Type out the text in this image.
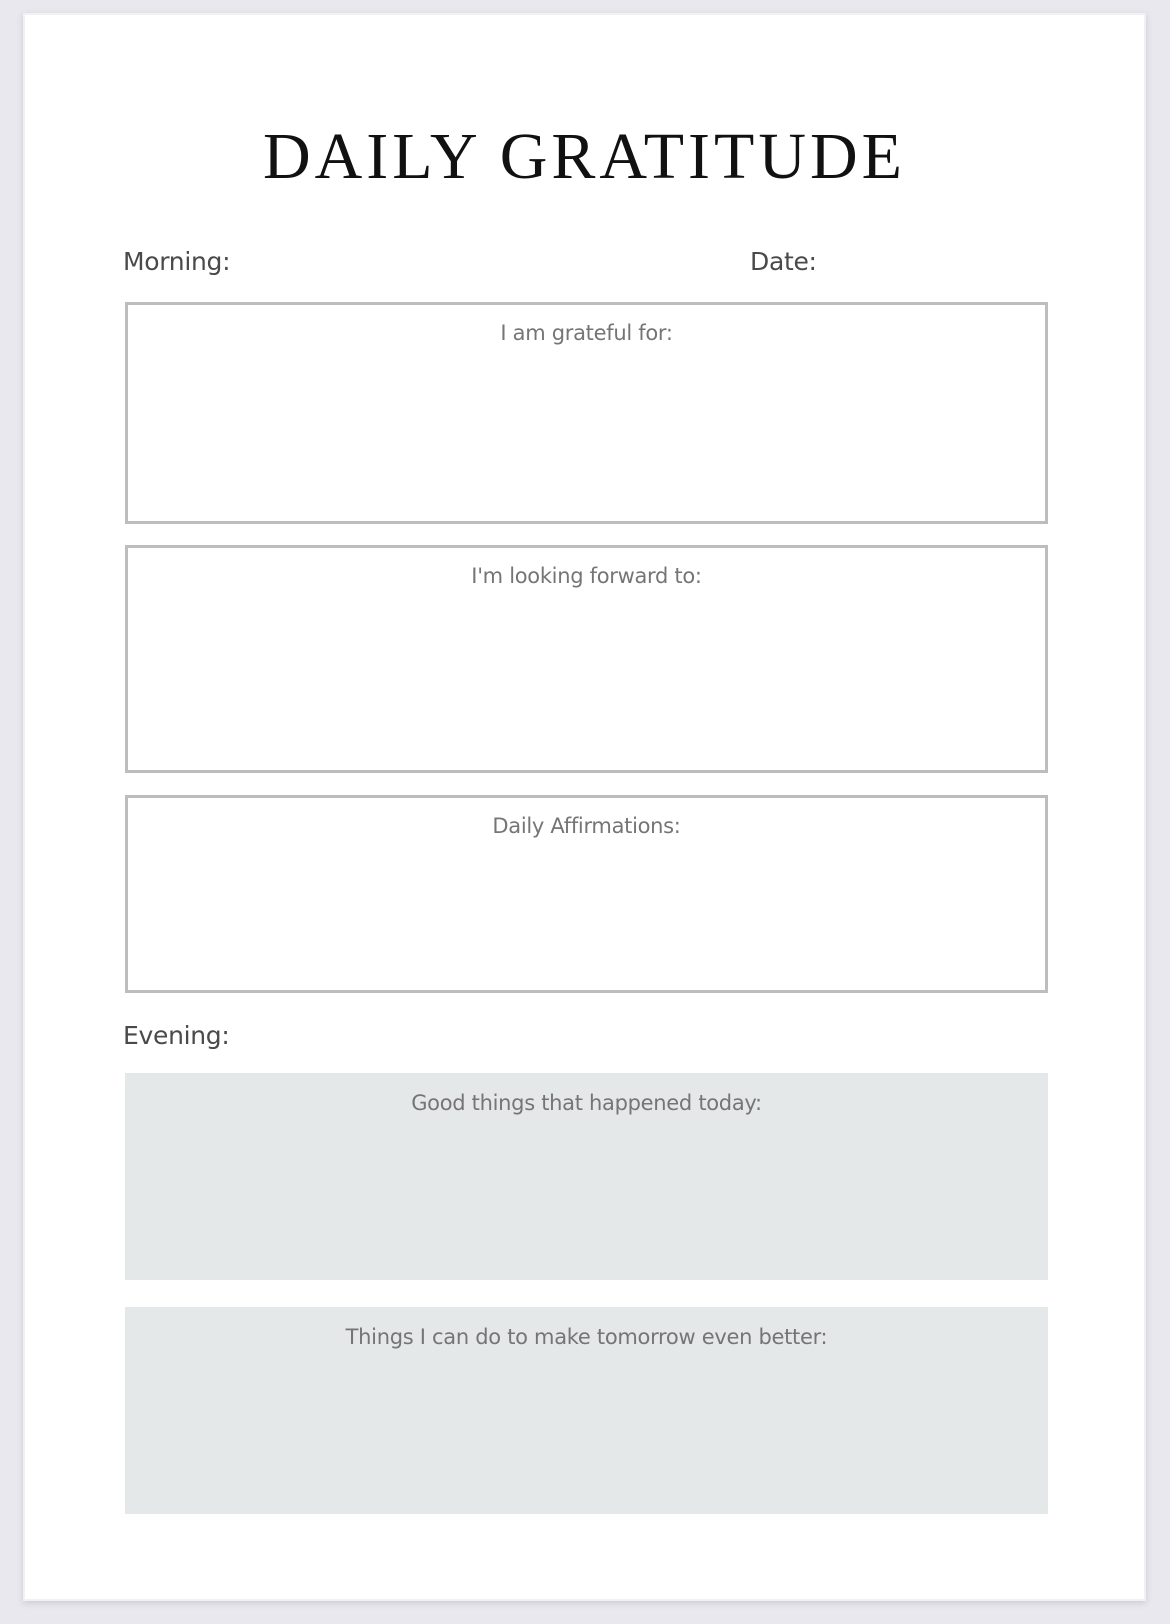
DAILY GRATITUDE
Morning:	Date:
I am grateful for:
I'm looking forward to:
Daily Affirmations:
Evening:
Good things that happened today:
Things I can do to make tomorrow even better:
